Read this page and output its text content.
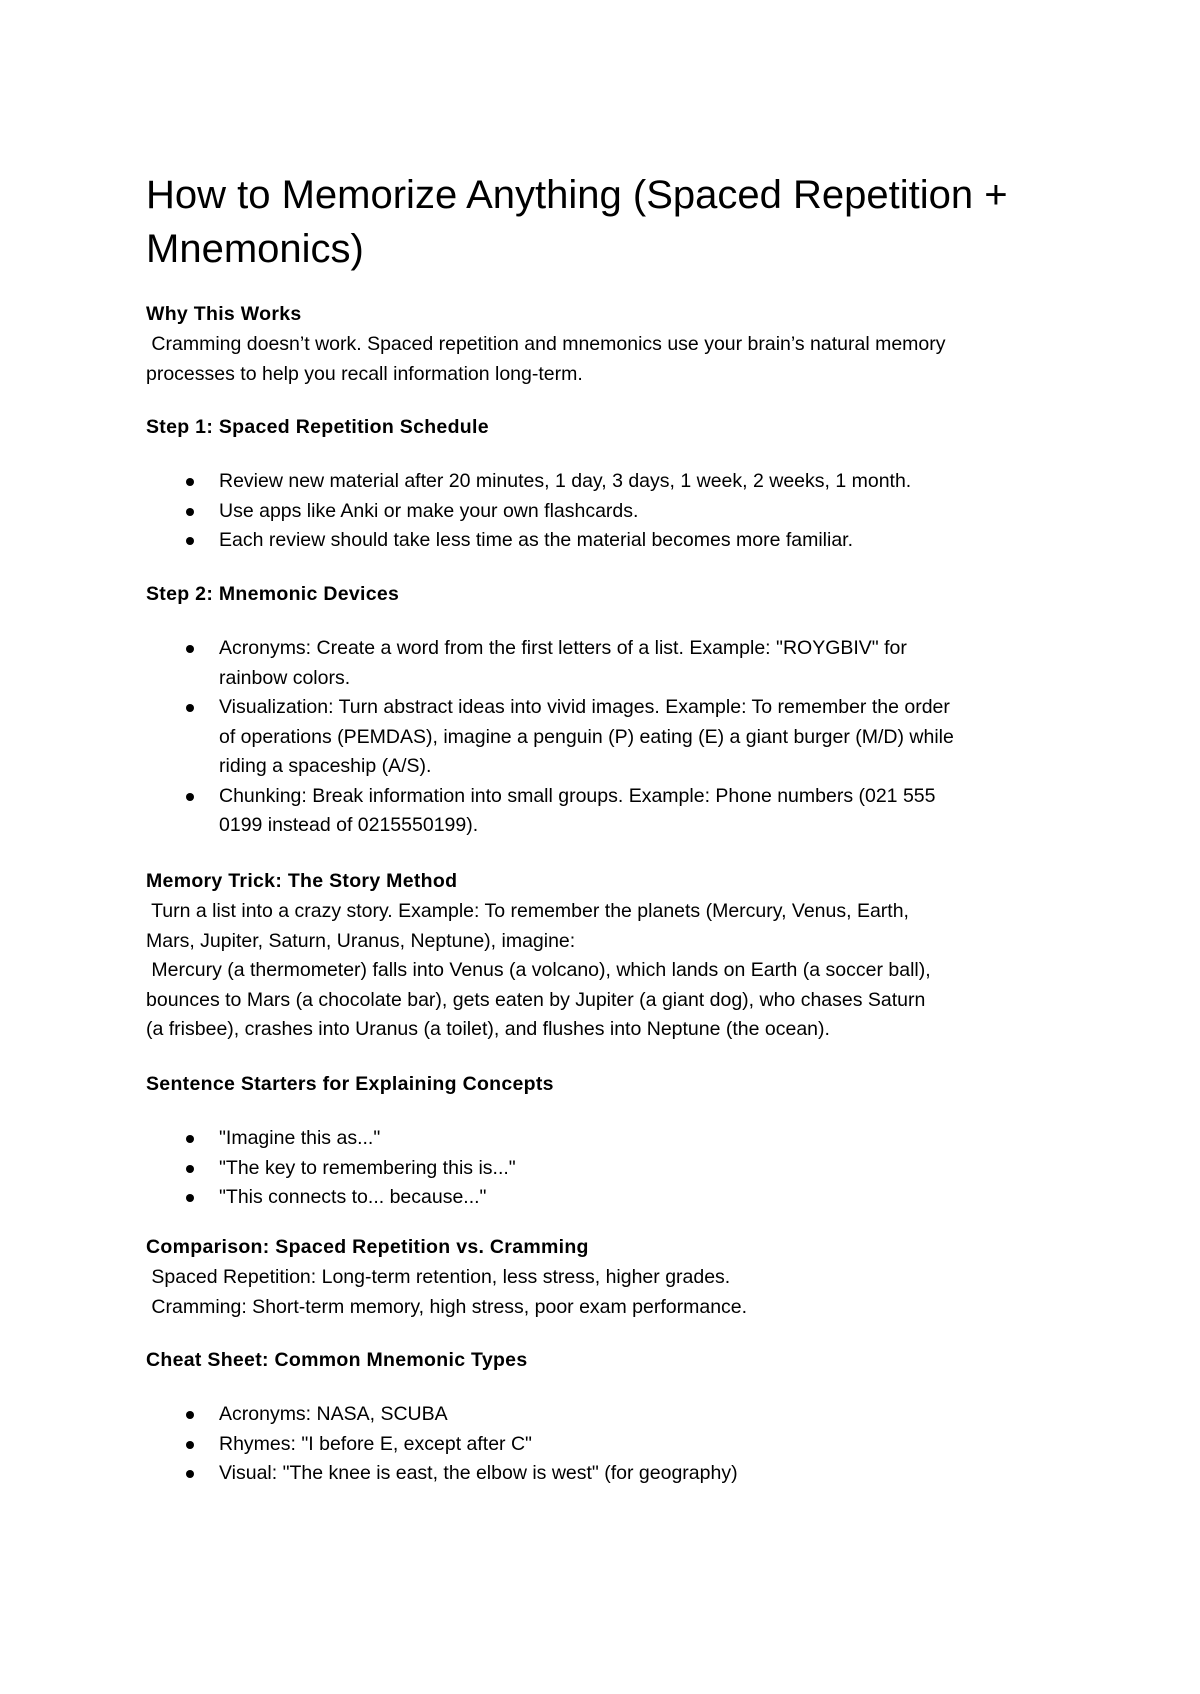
How to Memorize Anything (Spaced Repetition + Mnemonics)
Why This Works
Cramming doesn’t work. Spaced repetition and mnemonics use your brain’s natural memory
processes to help you recall information long-term.
Step 1: Spaced Repetition Schedule
Review new material after 20 minutes, 1 day, 3 days, 1 week, 2 weeks, 1 month.
Use apps like Anki or make your own flashcards.
Each review should take less time as the material becomes more familiar.
Step 2: Mnemonic Devices
Acronyms: Create a word from the first letters of a list. Example: "ROYGBIV" for
rainbow colors.
Visualization: Turn abstract ideas into vivid images. Example: To remember the order
of operations (PEMDAS), imagine a penguin (P) eating (E) a giant burger (M/D) while
riding a spaceship (A/S).
Chunking: Break information into small groups. Example: Phone numbers (021 555
0199 instead of 0215550199).
Memory Trick: The Story Method
Turn a list into a crazy story. Example: To remember the planets (Mercury, Venus, Earth,
Mars, Jupiter, Saturn, Uranus, Neptune), imagine:
Mercury (a thermometer) falls into Venus (a volcano), which lands on Earth (a soccer ball),
bounces to Mars (a chocolate bar), gets eaten by Jupiter (a giant dog), who chases Saturn
(a frisbee), crashes into Uranus (a toilet), and flushes into Neptune (the ocean).
Sentence Starters for Explaining Concepts
"Imagine this as..."
"The key to remembering this is..."
"This connects to... because..."
Comparison: Spaced Repetition vs. Cramming
Spaced Repetition: Long-term retention, less stress, higher grades.
Cramming: Short-term memory, high stress, poor exam performance.
Cheat Sheet: Common Mnemonic Types
Acronyms: NASA, SCUBA
Rhymes: "I before E, except after C"
Visual: "The knee is east, the elbow is west" (for geography)
